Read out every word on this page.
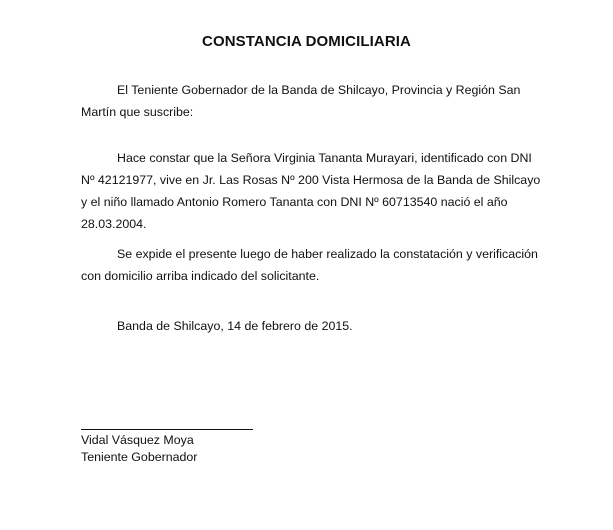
CONSTANCIA DOMICILIARIA

El Teniente Gobernador de la Banda de Shilcayo, Provincia y Región San Martín que suscribe:

Hace constar que la Señora Virginia Tananta Murayari, identificado con DNI Nº 42121977, vive en Jr. Las Rosas Nº 200 Vista Hermosa de la Banda de Shilcayo y el niño llamado Antonio Romero Tananta con DNI Nº 60713540 nació el año 28.03.2004.

Se expide el presente luego de haber realizado la constatación y verificación con domicilio arriba indicado del solicitante.

Banda de Shilcayo, 14 de febrero de 2015.

Vidal Vásquez Moya
Teniente Gobernador
